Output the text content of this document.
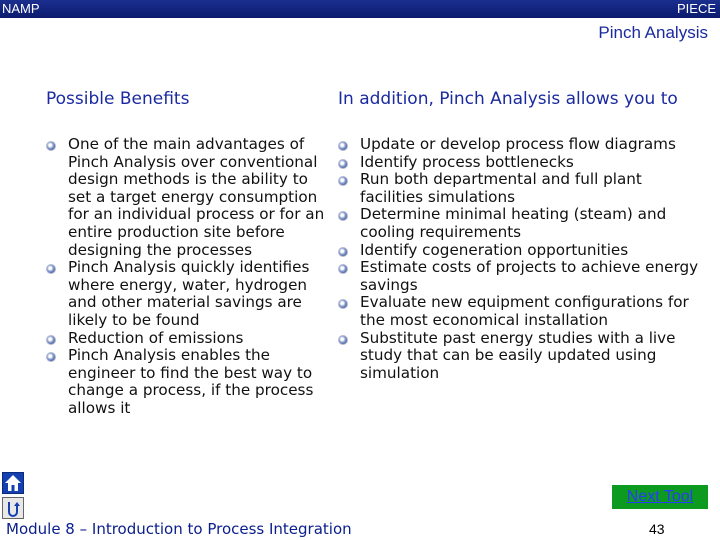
NAMP	PIECE
Pinch Analysis
Possible Benefits	In addition, Pinch Analysis allows you to
One of the main advantages of Pinch Analysis over conventional design methods is the ability to set a target energy consumption for an individual process or for an entire production site before designing the processes
Pinch Analysis quickly identifies where energy, water, hydrogen and other material savings are likely to be found
Reduction of emissions
Pinch Analysis enables the engineer to find the best way to change a process, if the process allows it
Update or develop process flow diagrams
Identify process bottlenecks
Run both departmental and full plant facilities simulations
Determine minimal heating (steam) and cooling requirements
Identify cogeneration opportunities
Estimate costs of projects to achieve energy savings
Evaluate new equipment configurations for the most economical installation
Substitute past energy studies with a live study that can be easily updated using simulation
Next Tool
Module 8 – Introduction to Process Integration	43
